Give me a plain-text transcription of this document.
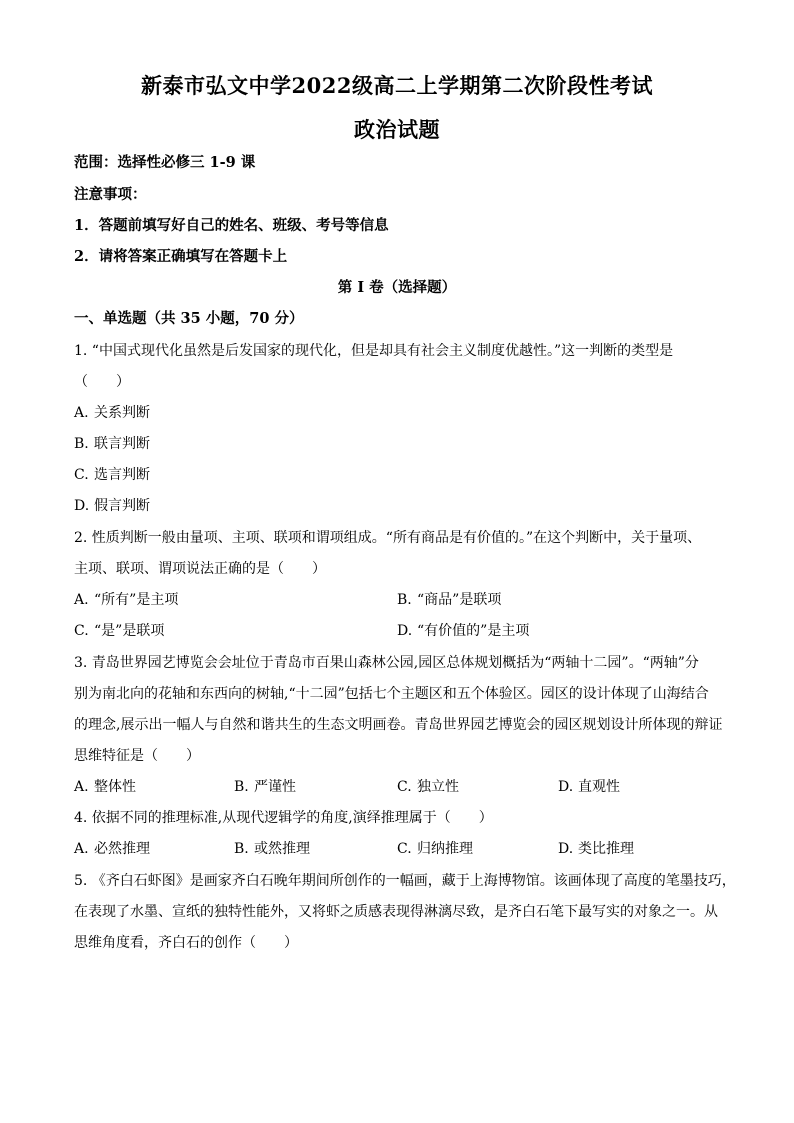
新泰市弘文中学2022级高二上学期第二次阶段性考试
政治试题
范围：选择性必修三 1-9 课
注意事项：
1．答题前填写好自己的姓名、班级、考号等信息
2．请将答案正确填写在答题卡上
第 I 卷（选择题）
一、单选题（共 35 小题，70 分）
1. “中国式现代化虽然是后发国家的现代化，但是却具有社会主义制度优越性。”这一判断的类型是
（　　）
A. 关系判断
B. 联言判断
C. 选言判断
D. 假言判断
2. 性质判断一般由量项、主项、联项和谓项组成。“所有商品是有价值的。”在这个判断中，关于量项、
主项、联项、谓项说法正确的是（　　）
A. “所有”是主项	B. “商品”是联项
C. “是”是联项	D. “有价值的”是主项
3. 青岛世界园艺博览会会址位于青岛市百果山森林公园,园区总体规划概括为“两轴十二园”。“两轴”分
别为南北向的花轴和东西向的树轴,“十二园”包括七个主题区和五个体验区。园区的设计体现了山海结合
的理念,展示出一幅人与自然和谐共生的生态文明画卷。青岛世界园艺博览会的园区规划设计所体现的辩证
思维特征是（　　）
A. 整体性	B. 严谨性	C. 独立性	D. 直观性
4. 依据不同的推理标准,从现代逻辑学的角度,演绎推理属于（　　）
A. 必然推理	B. 或然推理	C. 归纳推理	D. 类比推理
5. 《齐白石虾图》是画家齐白石晚年期间所创作的一幅画，藏于上海博物馆。该画体现了高度的笔墨技巧，
在表现了水墨、宣纸的独特性能外，又将虾之质感表现得淋漓尽致，是齐白石笔下最写实的对象之一。从
思维角度看，齐白石的创作（　　）
